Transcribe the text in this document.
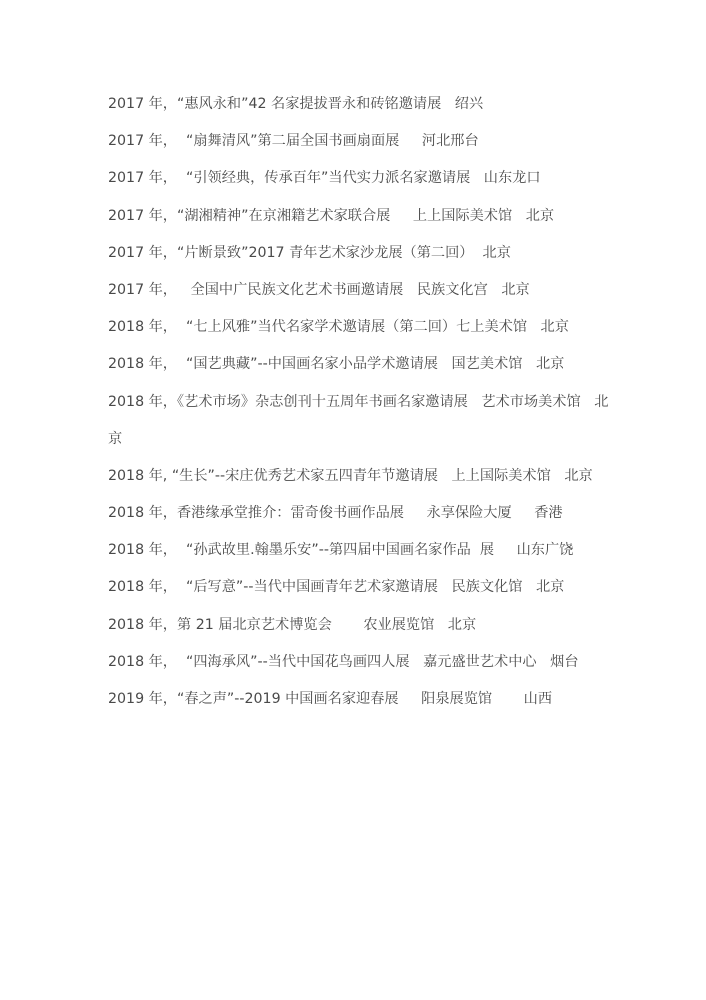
2017 年，“惠风永和”42 名家提拔晋永和砖铭邀请展   绍兴
2017 年，  “扇舞清风”第二届全国书画扇面展     河北邢台
2017 年，  “引领经典，传承百年”当代实力派名家邀请展   山东龙口
2017 年，“湖湘精神”在京湘籍艺术家联合展     上上国际美术馆   北京
2017 年，“片断景致”2017 青年艺术家沙龙展（第二回）  北京
2017 年，   全国中广民族文化艺术书画邀请展   民族文化宫   北京
2018 年，  “七上风雅”当代名家学术邀请展（第二回）七上美术馆   北京
2018 年，  “国艺典藏”--中国画名家小品学术邀请展   国艺美术馆   北京
2018 年，《艺术市场》杂志创刊十五周年书画名家邀请展   艺术市场美术馆   北
京
2018 年, “生长”--宋庄优秀艺术家五四青年节邀请展   上上国际美术馆   北京
2018 年，香港缘承堂推介：雷奇俊书画作品展     永享保险大厦     香港
2018 年，  “孙武故里.翰墨乐安”--第四届中国画名家作品  展     山东广饶
2018 年，  “后写意”--当代中国画青年艺术家邀请展   民族文化馆   北京
2018 年，第 21 届北京艺术博览会       农业展览馆   北京
2018 年，  “四海承风”--当代中国花鸟画四人展   嘉元盛世艺术中心   烟台
2019 年，“春之声”--2019 中国画名家迎春展     阳泉展览馆       山西
